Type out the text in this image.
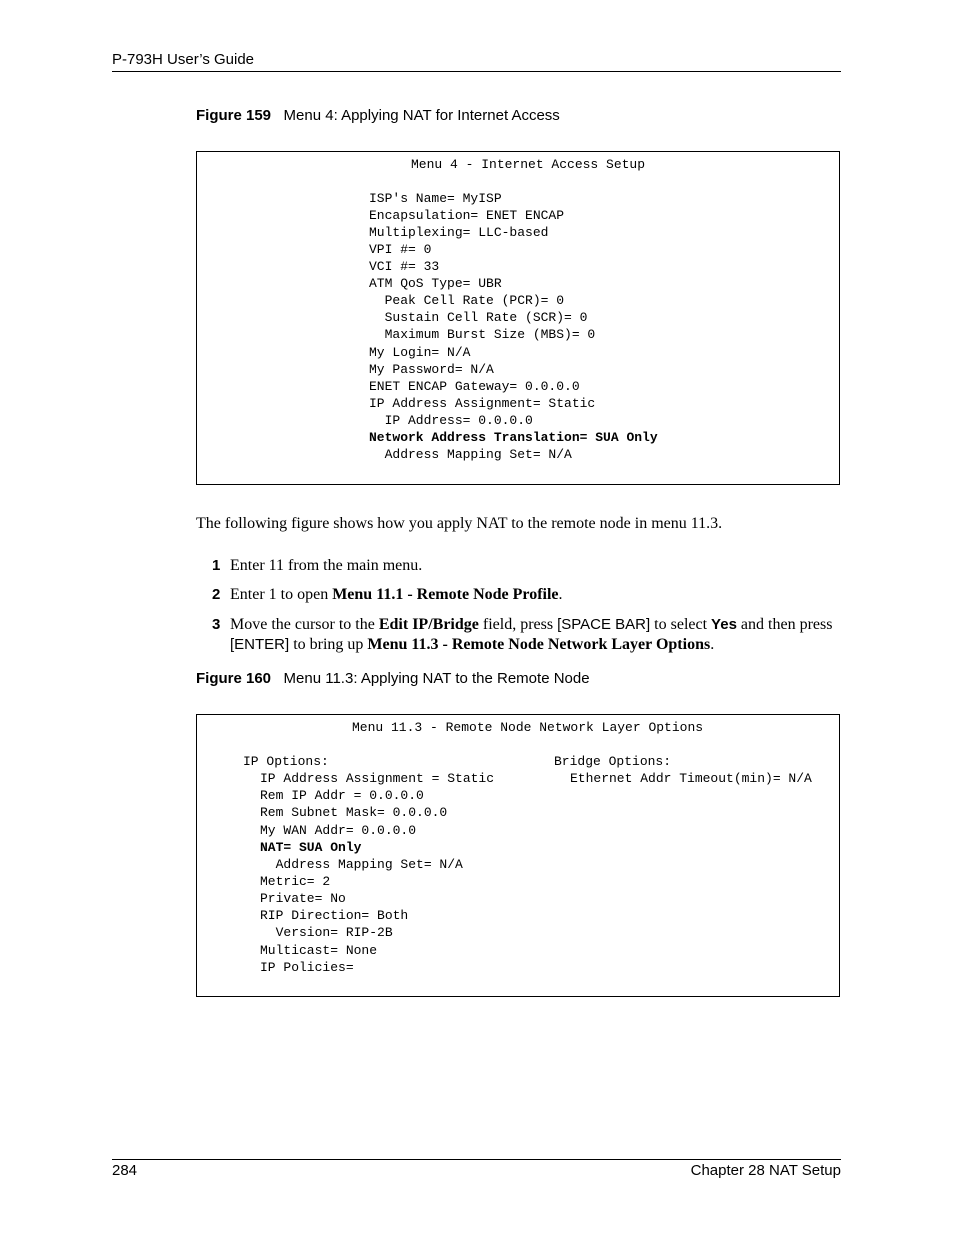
P-793H User’s Guide
Figure 159 Menu 4: Applying NAT for Internet Access
Menu 4 - Internet Access Setup
ISP's Name= MyISP
Encapsulation= ENET ENCAP
Multiplexing= LLC-based
VPI #= 0
VCI #= 33
ATM QoS Type= UBR
Peak Cell Rate (PCR)= 0
Sustain Cell Rate (SCR)= 0
Maximum Burst Size (MBS)= 0
My Login= N/A
My Password= N/A
ENET ENCAP Gateway= 0.0.0.0
IP Address Assignment= Static
IP Address= 0.0.0.0
Network Address Translation= SUA Only
Address Mapping Set= N/A
The following figure shows how you apply NAT to the remote node in menu 11.3.
1 Enter 11 from the main menu.
2 Enter 1 to open Menu 11.1 - Remote Node Profile.
3 Move the cursor to the Edit IP/Bridge field, press [SPACE BAR] to select Yes and then press [ENTER] to bring up Menu 11.3 - Remote Node Network Layer Options.
Figure 160 Menu 11.3: Applying NAT to the Remote Node
Menu 11.3 - Remote Node Network Layer Options
IP Options:	Bridge Options:
Ethernet Addr Timeout(min)= N/A
IP Address Assignment = Static
Rem IP Addr = 0.0.0.0
Rem Subnet Mask= 0.0.0.0
My WAN Addr= 0.0.0.0
NAT= SUA Only
Address Mapping Set= N/A
Metric= 2
Private= No
RIP Direction= Both
Version= RIP-2B
Multicast= None
IP Policies=
284	Chapter 28 NAT Setup
